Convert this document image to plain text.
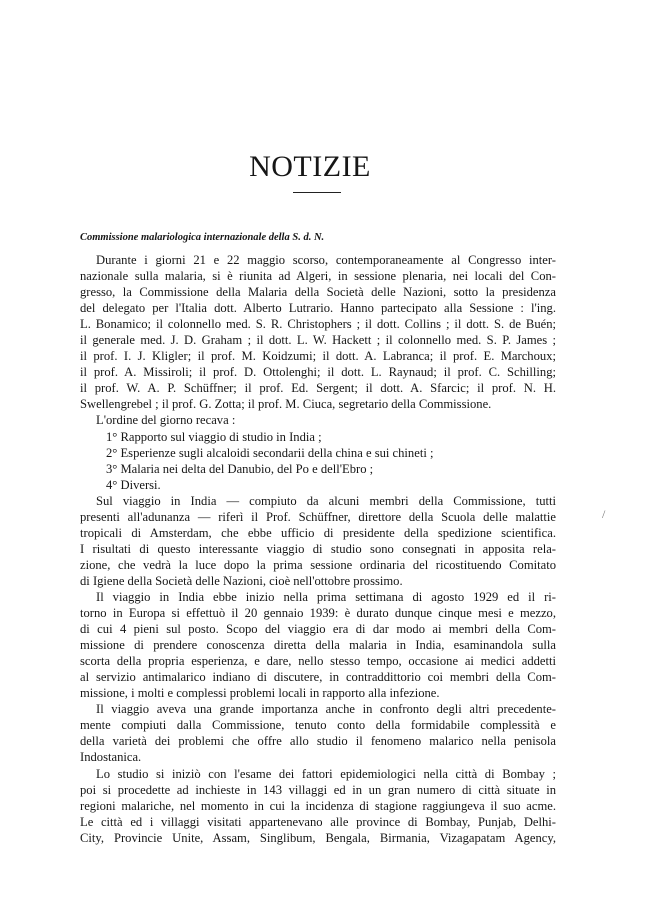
NOTIZIE
Commissione malariologica internazionale della S. d. N.
Durante i giorni 21 e 22 maggio scorso, contemporaneamente al Congresso inter-
nazionale sulla malaria, si è riunita ad Algeri, in sessione plenaria, nei locali del Con-
gresso, la Commissione della Malaria della Società delle Nazioni, sotto la presidenza
del delegato per l'Italia dott. Alberto Lutrario. Hanno partecipato alla Sessione : l'ing.
L. Bonamico; il colonnello med. S. R. Christophers ; il dott. Collins ; il dott. S. de Buén;
il generale med. J. D. Graham ; il dott. L. W. Hackett ; il colonnello med. S. P. James ;
il prof. I. J. Kligler; il prof. M. Koidzumi; il dott. A. Labranca; il prof. E. Marchoux;
il prof. A. Missiroli; il prof. D. Ottolenghi; il dott. L. Raynaud; il prof. C. Schilling;
il prof. W. A. P. Schüffner; il prof. Ed. Sergent; il dott. A. Sfarcic; il prof. N. H.
Swellengrebel ; il prof. G. Zotta; il prof. M. Ciuca, segretario della Commissione.
L'ordine del giorno recava :
1° Rapporto sul viaggio di studio in India ;
2° Esperienze sugli alcaloidi secondarii della china e sui chineti ;
3° Malaria nei delta del Danubio, del Po e dell'Ebro ;
4° Diversi.
Sul viaggio in India — compiuto da alcuni membri della Commissione, tutti
presenti all'adunanza — riferì il Prof. Schüffner, direttore della Scuola delle malattie
tropicali di Amsterdam, che ebbe ufficio di presidente della spedizione scientifica.
I risultati di questo interessante viaggio di studio sono consegnati in apposita rela-
zione, che vedrà la luce dopo la prima sessione ordinaria del ricostituendo Comitato
di Igiene della Società delle Nazioni, cioè nell'ottobre prossimo.
Il viaggio in India ebbe inizio nella prima settimana di agosto 1929 ed il ri-
torno in Europa si effettuò il 20 gennaio 1939: è durato dunque cinque mesi e mezzo,
di cui 4 pieni sul posto. Scopo del viaggio era di dar modo ai membri della Com-
missione di prendere conoscenza diretta della malaria in India, esaminandola sulla
scorta della propria esperienza, e dare, nello stesso tempo, occasione ai medici addetti
al servizio antimalarico indiano di discutere, in contraddittorio coi membri della Com-
missione, i molti e complessi problemi locali in rapporto alla infezione.
Il viaggio aveva una grande importanza anche in confronto degli altri precedente-
mente compiuti dalla Commissione, tenuto conto della formidabile complessità e
della varietà dei problemi che offre allo studio il fenomeno malarico nella penisola
Indostanica.
Lo studio si iniziò con l'esame dei fattori epidemiologici nella città di Bombay ;
poi si procedette ad inchieste in 143 villaggi ed in un gran numero di città situate in
regioni malariche, nel momento in cui la incidenza di stagione raggiungeva il suo acme.
Le città ed i villaggi visitati appartenevano alle province di Bombay, Punjab, Delhi-
City, Provincie Unite, Assam, Singlibum, Bengala, Birmania, Vizagapatam Agency,
/
